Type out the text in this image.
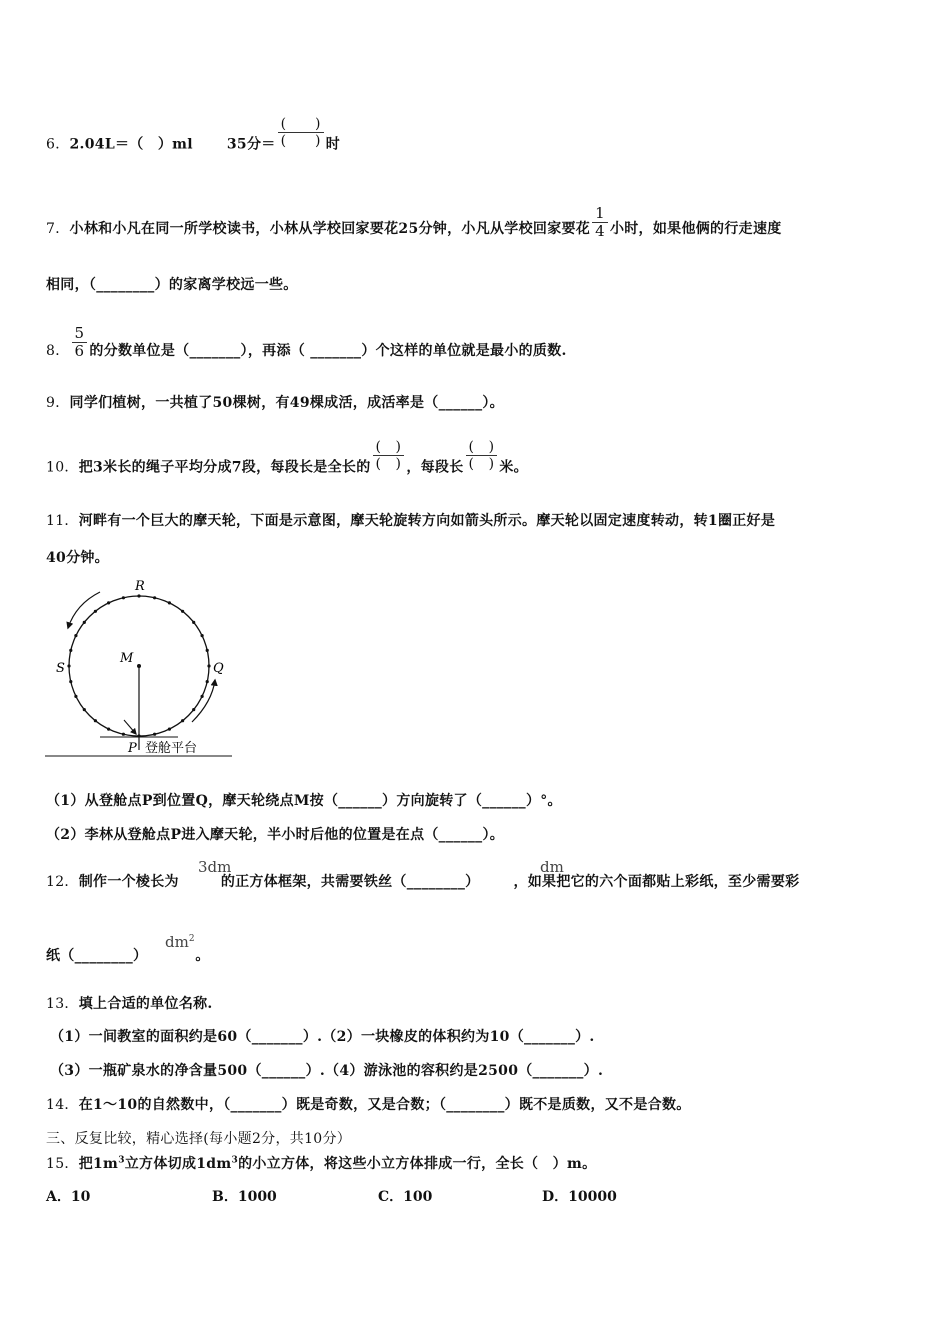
6．2.04L＝（　）ml 35分＝ $\frac{( )}{( )}$ 时
7．小林和小凡在同一所学校读书，小林从学校回家要花25分钟，小凡从学校回家要花 $\frac{1}{4}$ 小时，如果他俩的行走速度
相同，（________）的家离学校远一些。
8． $\frac{5}{6}$ 的分数单位是（_______），再添（ _______）个这样的单位就是最小的质数.
9．同学们植树，一共植了50棵树，有49棵成活，成活率是（______）。
10．把3米长的绳子平均分成7段，每段长是全长的 $\frac{( )}{( )}$ ，每段长 $\frac{( )}{( )}$ 米。
11．河畔有一个巨大的摩天轮，下面是示意图，摩天轮旋转方向如箭头所示。摩天轮以固定速度转动，转1圈正好是
40分钟。
R
S
M
Q
P 登舱平台
（1）从登舱点P到位置Q，摩天轮绕点M按（______）方向旋转了（______）°。
（2）李林从登舱点P进入摩天轮，半小时后他的位置是在点（______）。
12．制作一个棱长为	的正方体框架，共需要铁丝（________） ，如果把它的六个面都贴上彩纸，至少需要彩
3dm	dm
纸（________）	。
$dm^2$
13．填上合适的单位名称.
（1）一间教室的面积约是60（_______）.（2）一块橡皮的体积约为10（_______）.
（3）一瓶矿泉水的净含量500（______）.（4）游泳池的容积约是2500（_______）.
14．在1～10的自然数中，（_______）既是奇数，又是合数；（________）既不是质数，又不是合数。
三、反复比较，精心选择(每小题2分，共10分）
15．把$1m^3$立方体切成$1dm^3$的小立方体，将这些小立方体排成一行，全长（　）m。
A．10	B．1000	C．100	D．10000
